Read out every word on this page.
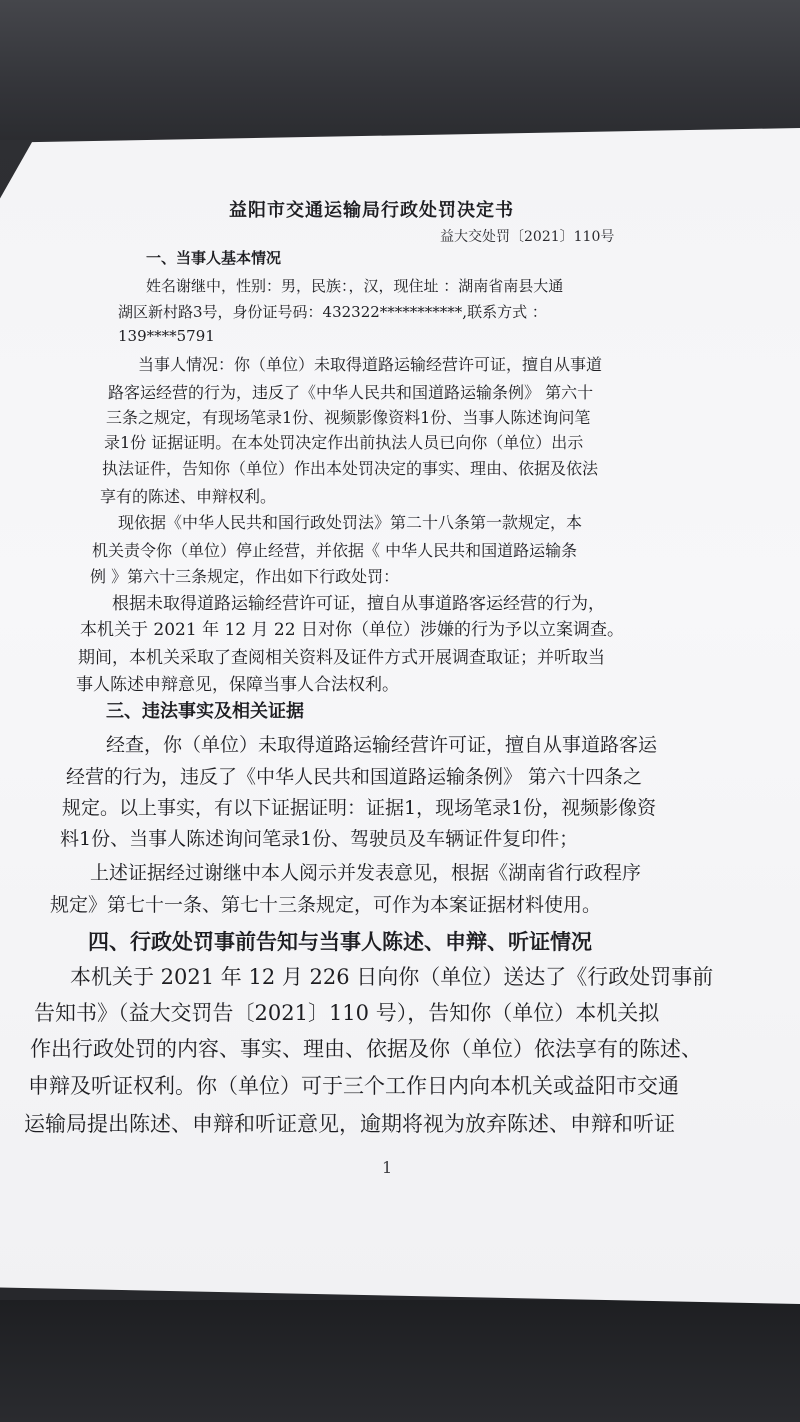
益阳市交通运输局行政处罚决定书
益大交处罚〔2021〕110号
一、当事人基本情况

姓名谢继中，性别：男，民族：，汉，现住址 ：湖南省南县大通

湖区新村路3号，身份证号码：432322***********,联系方式 ：

139****5791

当事人情况：你（单位）未取得道路运输经营许可证，擅自从事道

路客运经营的行为，违反了《中华人民共和国道路运输条例》 第六十

三条之规定，有现场笔录1份、视频影像资料1份、当事人陈述询问笔

录1份 证据证明。在本处罚决定作出前执法人员已向你（单位）出示

执法证件，告知你（单位）作出本处罚决定的事实、理由、依据及依法

享有的陈述、申辩权利。

现依据《中华人民共和国行政处罚法》第二十八条第一款规定，本

机关责令你（单位）停止经营，并依据《 中华人民共和国道路运输条

例 》第六十三条规定，作出如下行政处罚：

根据未取得道路运输经营许可证，擅自从事道路客运经营的行为，

本机关于 2021 年 12 月 22 日对你（单位）涉嫌的行为予以立案调查。

期间，本机关采取了查阅相关资料及证件方式开展调查取证；并听取当

事人陈述申辩意见，保障当事人合法权利。

三、违法事实及相关证据

经查，你（单位）未取得道路运输经营许可证，擅自从事道路客运

经营的行为，违反了《中华人民共和国道路运输条例》 第六十四条之

规定。以上事实，有以下证据证明：证据1，现场笔录1份，视频影像资

料1份、当事人陈述询问笔录1份、驾驶员及车辆证件复印件；

上述证据经过谢继中本人阅示并发表意见，根据《湖南省行政程序

规定》第七十一条、第七十三条规定，可作为本案证据材料使用。

四、行政处罚事前告知与当事人陈述、申辩、听证情况

本机关于 2021 年 12 月 226 日向你（单位）送达了《行政处罚事前

告知书》（益大交罚告〔2021〕110 号），告知你（单位）本机关拟

作出行政处罚的内容、事实、理由、依据及你（单位）依法享有的陈述、

申辩及听证权利。你（单位）可于三个工作日内向本机关或益阳市交通

运输局提出陈述、申辩和听证意见，逾期将视为放弃陈述、申辩和听证

1
